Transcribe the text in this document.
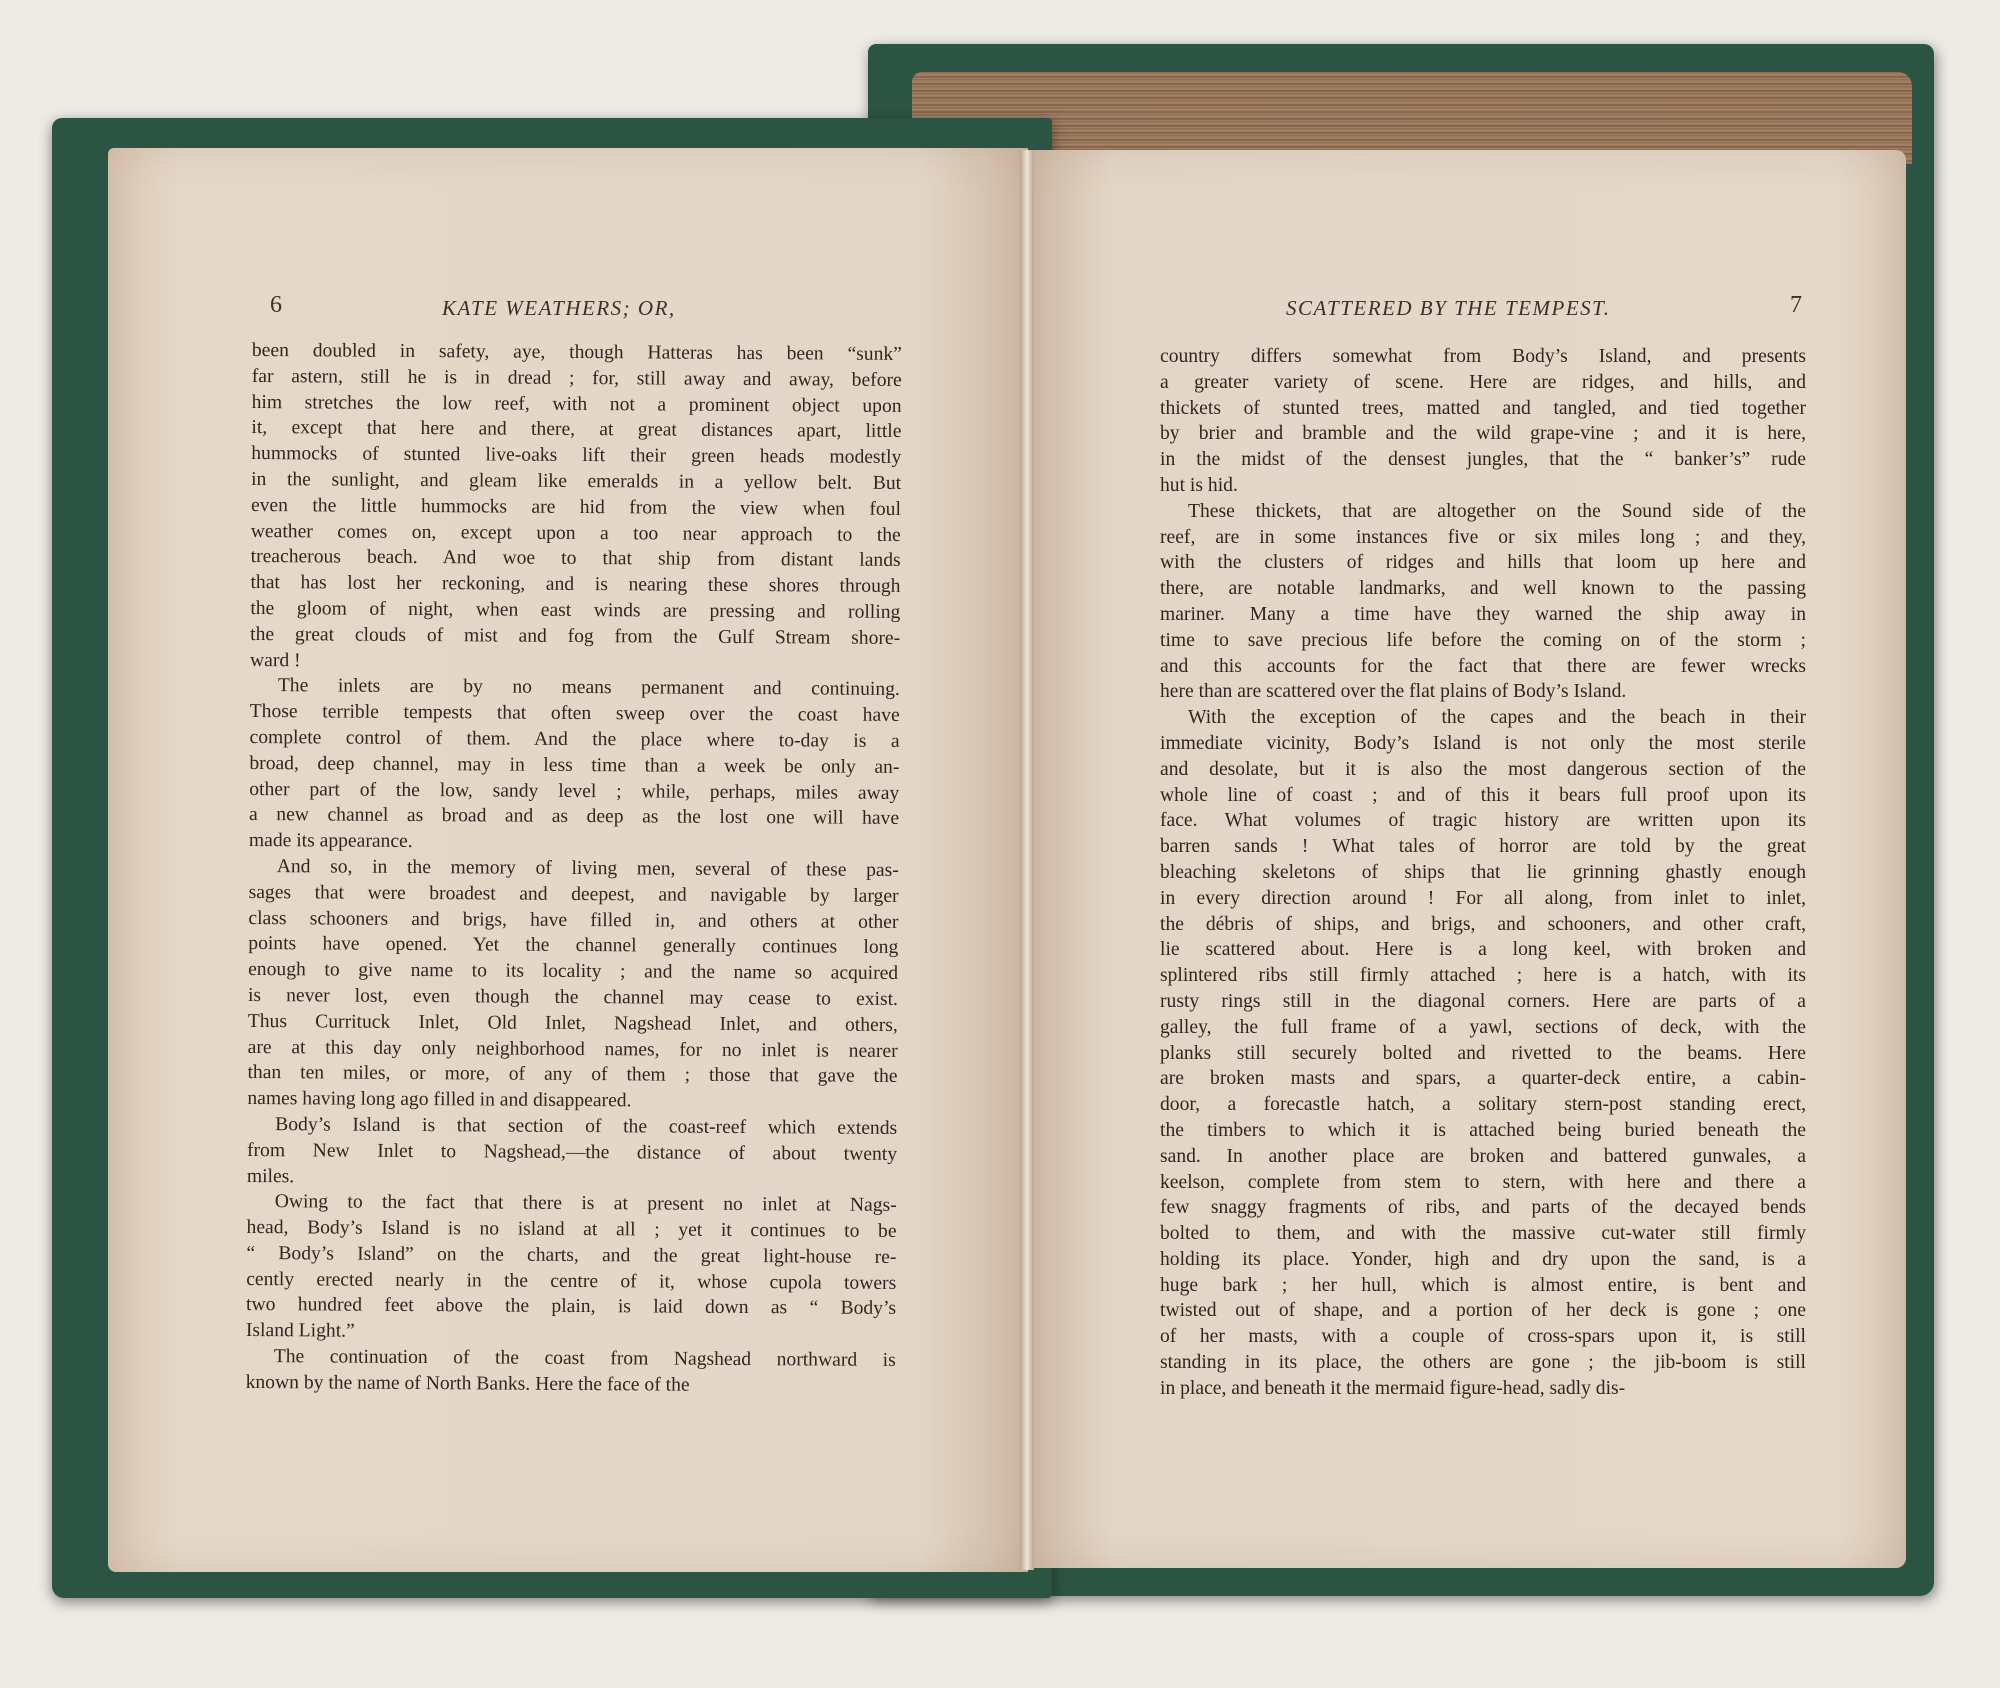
6	KATE WEATHERS; OR,	SCATTERED BY THE TEMPEST.	7

been doubled in safety, aye, though Hatteras has been “sunk”

far astern, still he is in dread ; for, still away and away, before

him stretches the low reef, with not a prominent object upon

it, except that here and there, at great distances apart, little

hummocks of stunted live-oaks lift their green heads modestly

in the sunlight, and gleam like emeralds in a yellow belt. But

even the little hummocks are hid from the view when foul

weather comes on, except upon a too near approach to the

treacherous beach. And woe to that ship from distant lands

that has lost her reckoning, and is nearing these shores through

the gloom of night, when east winds are pressing and rolling

the great clouds of mist and fog from the Gulf Stream shore-

ward !

The inlets are by no means permanent and continuing.

Those terrible tempests that often sweep over the coast have

complete control of them. And the place where to-day is a

broad, deep channel, may in less time than a week be only an-

other part of the low, sandy level ; while, perhaps, miles away

a new channel as broad and as deep as the lost one will have

made its appearance.

And so, in the memory of living men, several of these pas-

sages that were broadest and deepest, and navigable by larger

class schooners and brigs, have filled in, and others at other

points have opened. Yet the channel generally continues long

enough to give name to its locality ; and the name so acquired

is never lost, even though the channel may cease to exist.

Thus Currituck Inlet, Old Inlet, Nagshead Inlet, and others,

are at this day only neighborhood names, for no inlet is nearer

than ten miles, or more, of any of them ; those that gave the

names having long ago filled in and disappeared.

Body’s Island is that section of the coast-reef which extends

from New Inlet to Nagshead,—the distance of about twenty

miles.

Owing to the fact that there is at present no inlet at Nags-

head, Body’s Island is no island at all ; yet it continues to be

“ Body’s Island” on the charts, and the great light-house re-

cently erected nearly in the centre of it, whose cupola towers

two hundred feet above the plain, is laid down as “ Body’s

Island Light.”

The continuation of the coast from Nagshead northward is

known by the name of North Banks. Here the face of the

country differs somewhat from Body’s Island, and presents

a greater variety of scene. Here are ridges, and hills, and

thickets of stunted trees, matted and tangled, and tied together

by brier and bramble and the wild grape-vine ; and it is here,

in the midst of the densest jungles, that the “ banker’s” rude

hut is hid.

These thickets, that are altogether on the Sound side of the

reef, are in some instances five or six miles long ; and they,

with the clusters of ridges and hills that loom up here and

there, are notable landmarks, and well known to the passing

mariner. Many a time have they warned the ship away in

time to save precious life before the coming on of the storm ;

and this accounts for the fact that there are fewer wrecks

here than are scattered over the flat plains of Body’s Island.

With the exception of the capes and the beach in their

immediate vicinity, Body’s Island is not only the most sterile

and desolate, but it is also the most dangerous section of the

whole line of coast ; and of this it bears full proof upon its

face. What volumes of tragic history are written upon its

barren sands ! What tales of horror are told by the great

bleaching skeletons of ships that lie grinning ghastly enough

in every direction around ! For all along, from inlet to inlet,

the débris of ships, and brigs, and schooners, and other craft,

lie scattered about. Here is a long keel, with broken and

splintered ribs still firmly attached ; here is a hatch, with its

rusty rings still in the diagonal corners. Here are parts of a

galley, the full frame of a yawl, sections of deck, with the

planks still securely bolted and rivetted to the beams. Here

are broken masts and spars, a quarter-deck entire, a cabin-

door, a forecastle hatch, a solitary stern-post standing erect,

the timbers to which it is attached being buried beneath the

sand. In another place are broken and battered gunwales, a

keelson, complete from stem to stern, with here and there a

few snaggy fragments of ribs, and parts of the decayed bends

bolted to them, and with the massive cut-water still firmly

holding its place. Yonder, high and dry upon the sand, is a

huge bark ; her hull, which is almost entire, is bent and

twisted out of shape, and a portion of her deck is gone ; one

of her masts, with a couple of cross-spars upon it, is still

standing in its place, the others are gone ; the jib-boom is still

in place, and beneath it the mermaid figure-head, sadly dis-
